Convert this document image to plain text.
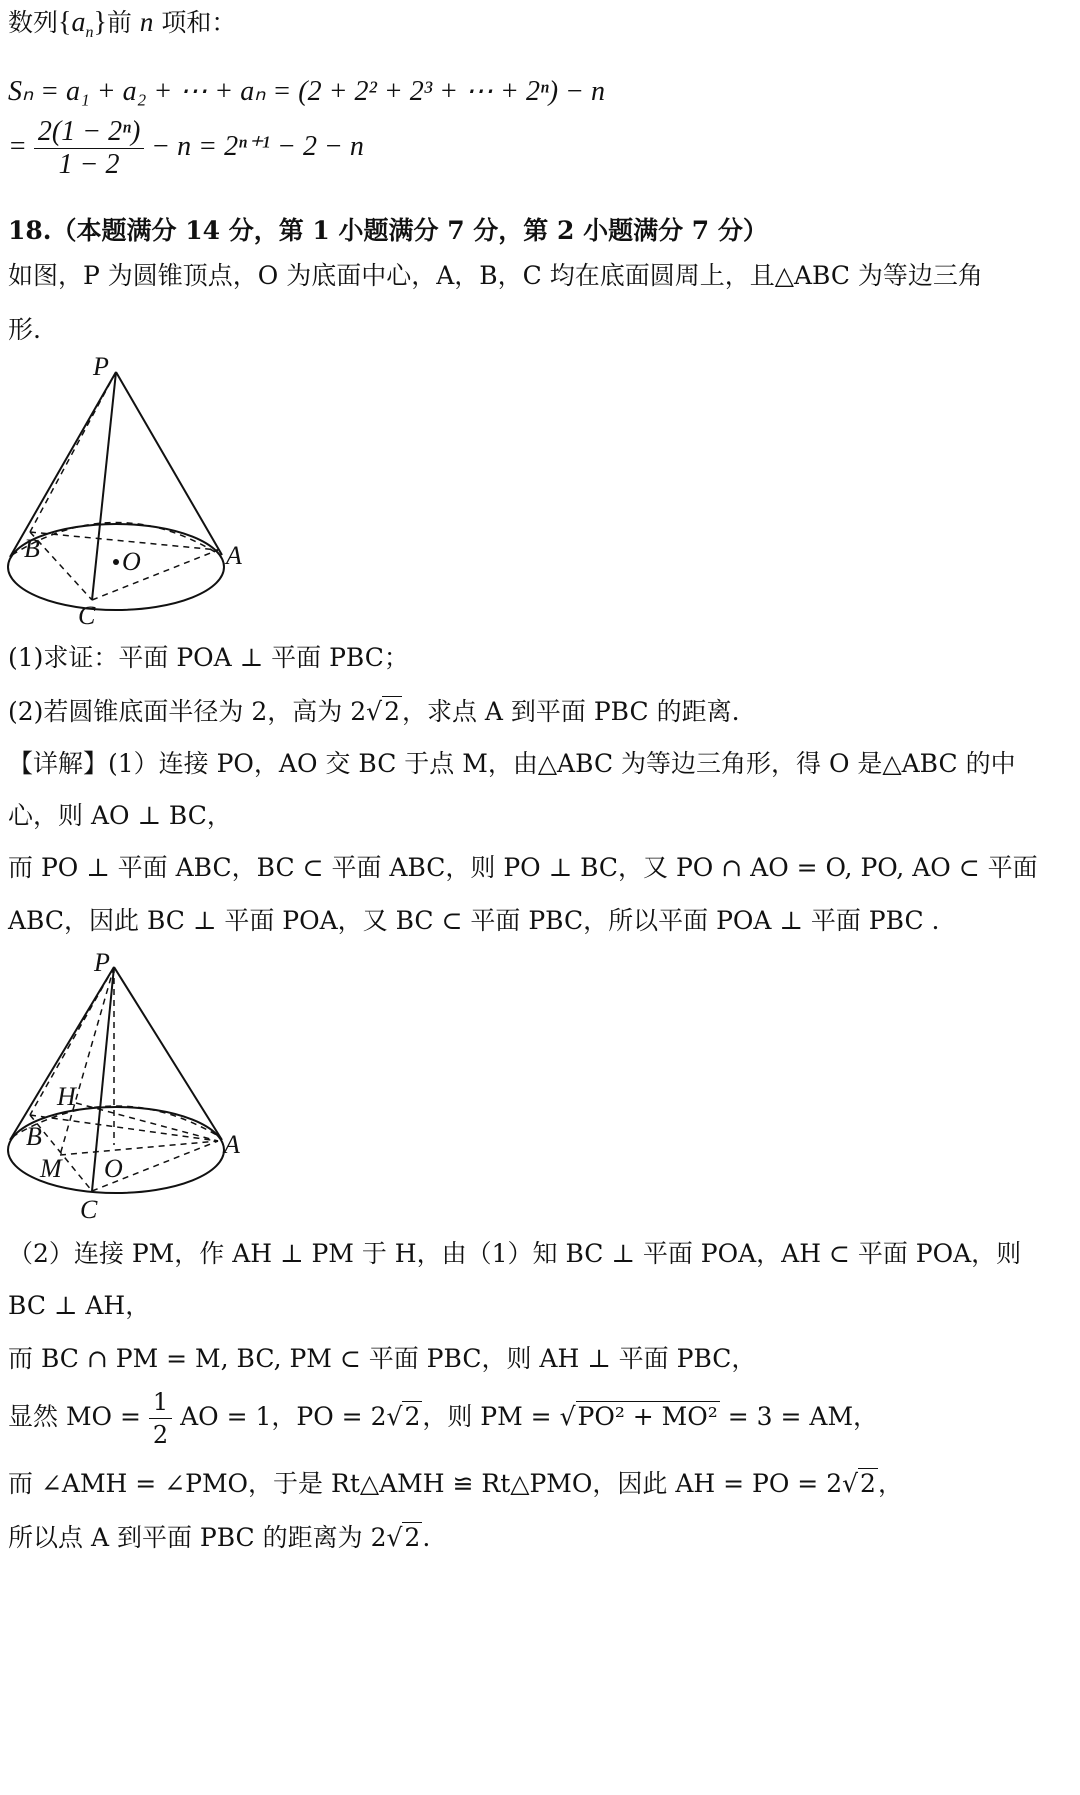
数列$\{a_n\}$前 n 项和：
Sₙ = a₁ + a₂ + ⋯ + aₙ = (2 + 2² + 2³ + ⋯ + 2ⁿ) − n
= $\frac{\text{2(1 − 2ⁿ)}}{1 - 2} - n = 2^{n+1} - 2 - n$
18.（本题满分 14 分，第 1 小题满分 7 分，第 2 小题满分 7 分）
如图，P 为圆锥顶点，O 为底面中心，A，B，C 均在底面圆周上，且△ABC 为等边三角
形.
P
B	O	A
C
(1)求证：平面 POA ⊥ 平面 PBC；
(2)若圆锥底面半径为 2，高为 2√2，求点 A 到平面 PBC 的距离.
【详解】(1）连接 PO，AO 交 BC 于点 M，由△ABC 为等边三角形，得 O 是△ABC 的中
心，则 AO ⊥ BC，
而 PO ⊥ 平面 ABC，BC ⊂ 平面 ABC，则 PO ⊥ BC，又 PO ∩ AO = O, PO, AO ⊂ 平面
ABC，因此 BC ⊥ 平面 POA，又 BC ⊂ 平面 PBC，所以平面 POA ⊥ 平面 PBC .
P
H
B
M O
A
C
（2）连接 PM，作 AH ⊥ PM 于 H，由（1）知 BC ⊥ 平面 POA，AH ⊂ 平面 POA，则
BC ⊥ AH，
而 BC ∩ PM = M, BC, PM ⊂ 平面 PBC，则 AH ⊥ 平面 PBC，
显然 MO = $\frac{1}{2}$ AO = 1，PO = 2√2，则 PM = √PO² + MO² = 3 = AM，
而 ∠AMH = ∠PMO，于是 Rt△AMH ≌ Rt△PMO，因此 AH = PO = 2√2，
所以点 A 到平面 PBC 的距离为 2√2.
